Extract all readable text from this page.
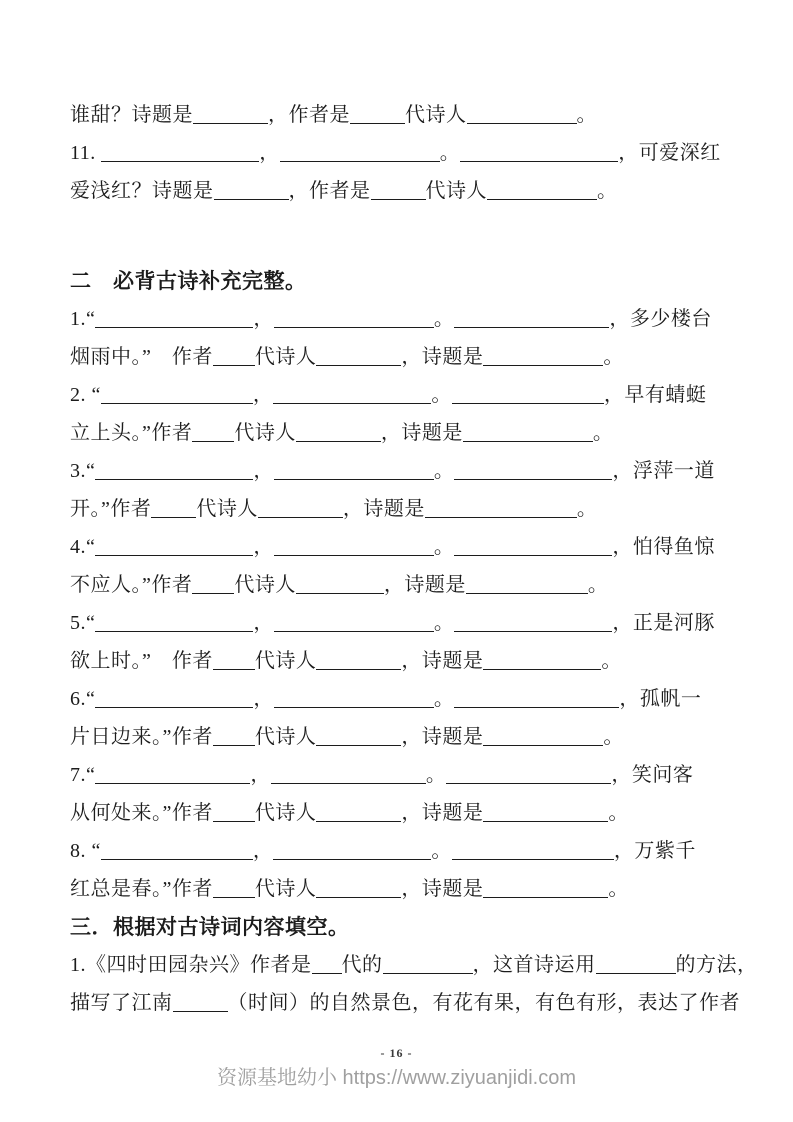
谁甜？诗题是	，作者是	代诗人	。
11.	，	。	，可爱深红
爱浅红？诗题是	，作者是	代诗人	。
二　必背古诗补充完整。
1.“	，	。	，多少楼台
烟雨中。”　作者 代诗人	，诗题是	。
2. “	，	。	，早有蜻蜓
立上头。”作者 代诗人	，诗题是	。
3.“	，	。	，浮萍一道
开。”作者 代诗人	，诗题是	。
4.“	，	。	，怕得鱼惊
不应人。”作者 代诗人	，诗题是	。
5.“	，	。	，正是河豚
欲上时。”　作者 代诗人	，诗题是	。
6.“	，	。	，孤帆一
片日边来。”作者 代诗人	，诗题是	。
7.“	，	。	，笑问客
从何处来。”作者 代诗人	，诗题是	。
8. “	，	。	，万紫千
红总是春。”作者 代诗人	，诗题是	。
三．根据对古诗词内容填空。
1.《四时田园杂兴》作者是 代的	，这首诗运用	的方法，
描写了江南	（时间）的自然景色，有花有果，有色有形，表达了作者
- 16 -
资源基地幼小 https://www.ziyuanjidi.com
